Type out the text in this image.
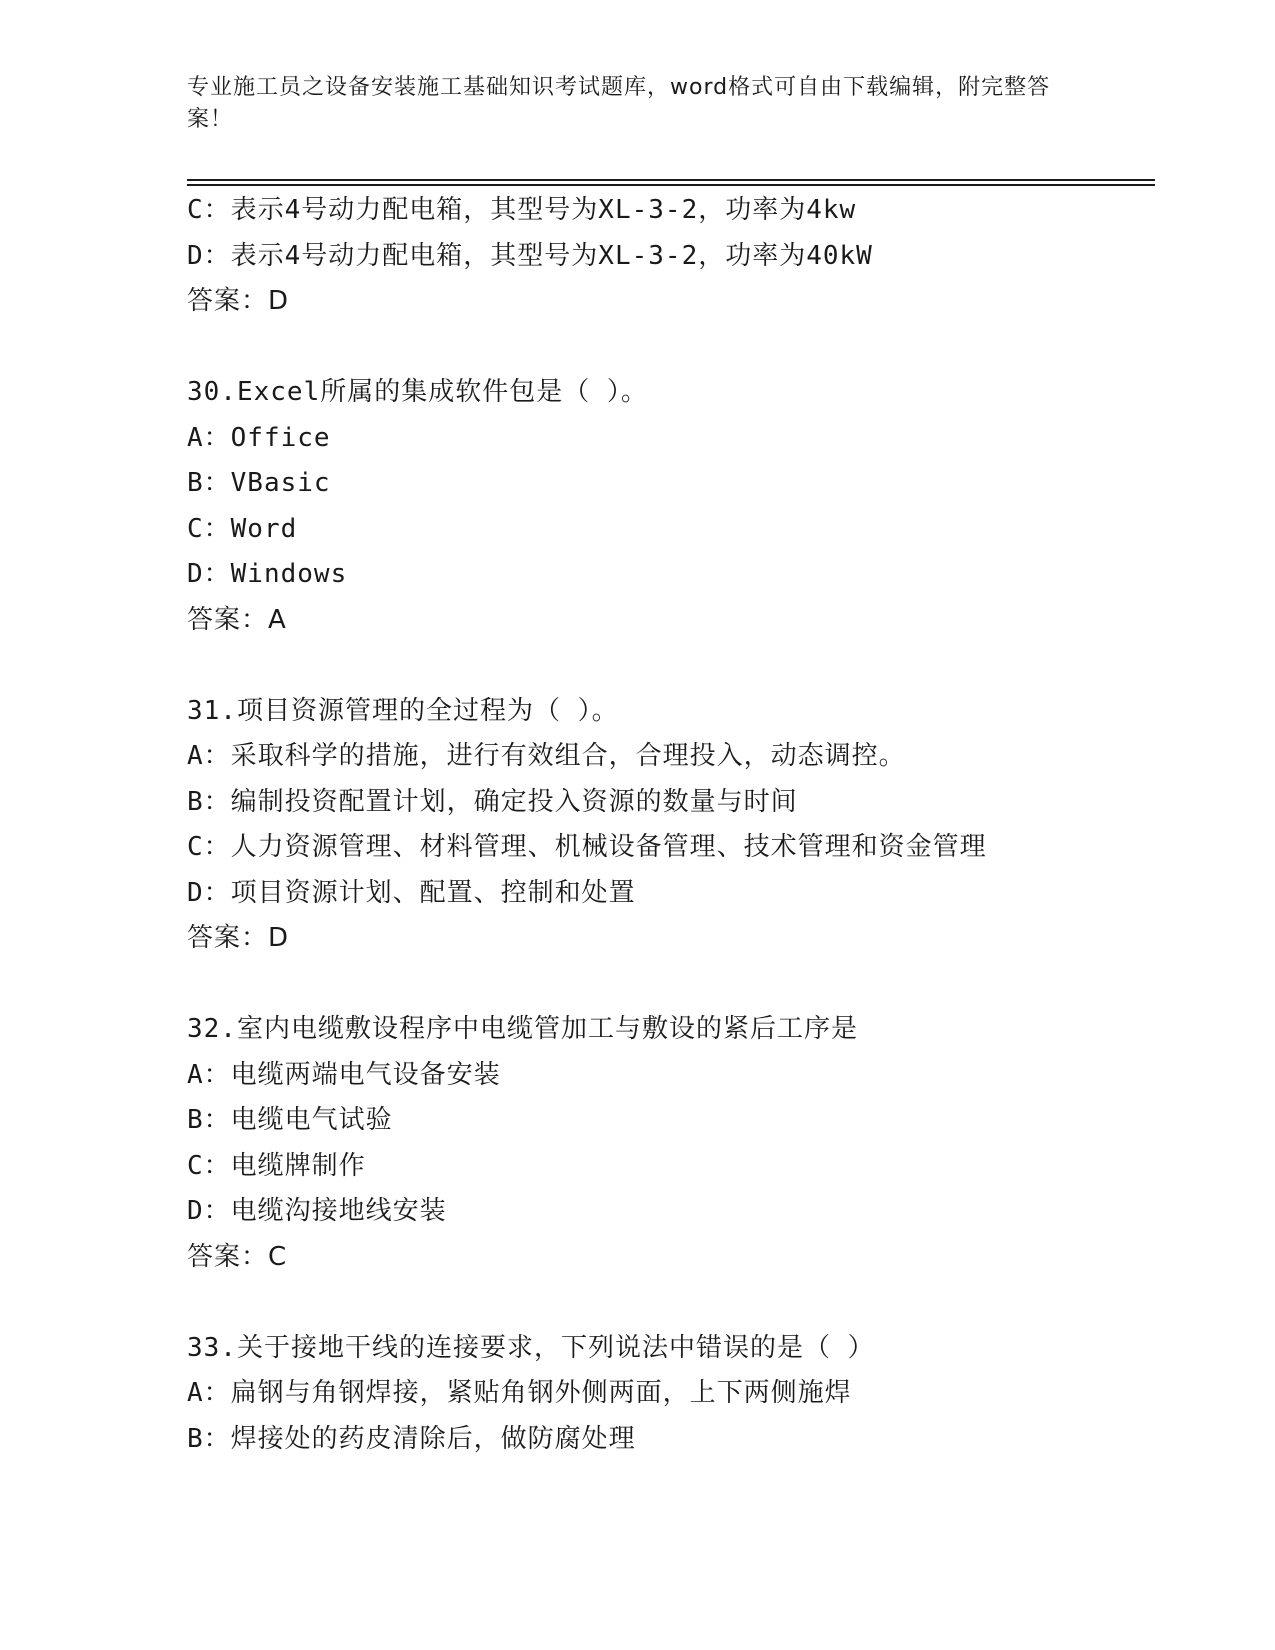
专业施工员之设备安装施工基础知识考试题库，word格式可自由下载编辑，附完整答案！
C：表示4号动力配电箱，其型号为XL-3-2，功率为4kw
D：表示4号动力配电箱，其型号为XL-3-2，功率为40kW
答案：D
30.Excel所属的集成软件包是（ ）。
A：Office
B：VBasic
C：Word
D：Windows
答案：A
31.项目资源管理的全过程为（ ）。
A：采取科学的措施，进行有效组合，合理投入，动态调控。
B：编制投资配置计划，确定投入资源的数量与时间
C：人力资源管理、材料管理、机械设备管理、技术管理和资金管理
D：项目资源计划、配置、控制和处置
答案：D
32.室内电缆敷设程序中电缆管加工与敷设的紧后工序是
A：电缆两端电气设备安装
B：电缆电气试验
C：电缆牌制作
D：电缆沟接地线安装
答案：C
33.关于接地干线的连接要求，下列说法中错误的是（ ）
A：扁钢与角钢焊接，紧贴角钢外侧两面，上下两侧施焊
B：焊接处的药皮清除后，做防腐处理
